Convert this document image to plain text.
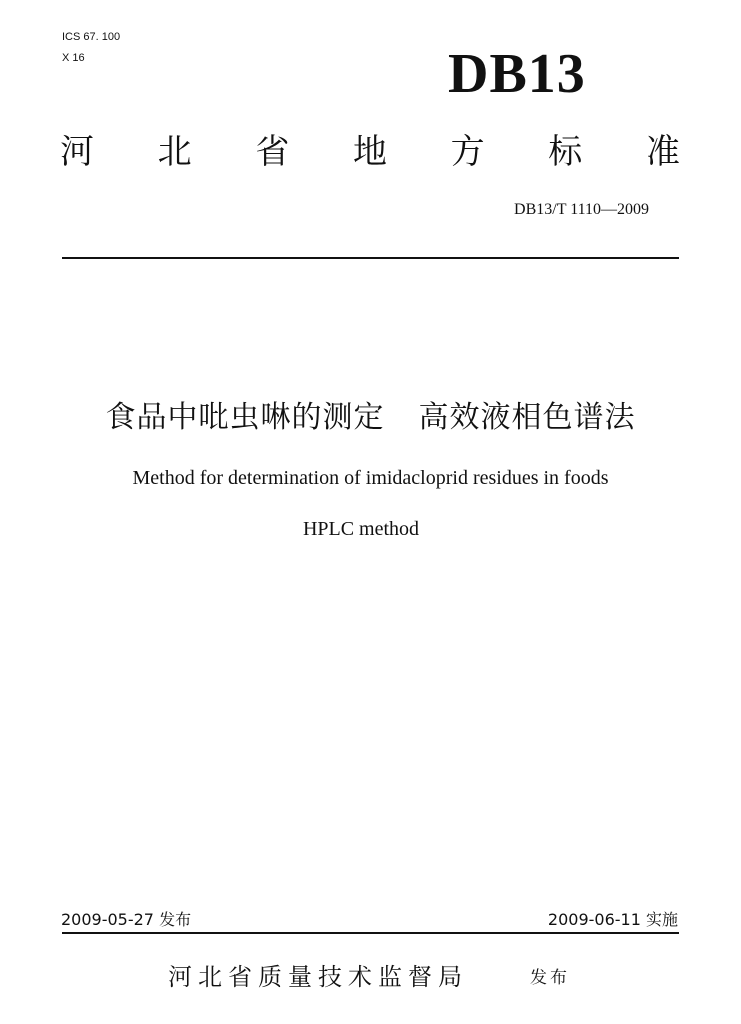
ICS 67. 100
X 16	DB13
河 北 省 地 方 标 准
DB13/T 1110—2009
食品中吡虫啉的测定 高效液相色谱法
Method for determination of imidacloprid residues in foods
HPLC method
2009-05-27 发布	2009-06-11 实施
河北省质量技术监督局	发布
